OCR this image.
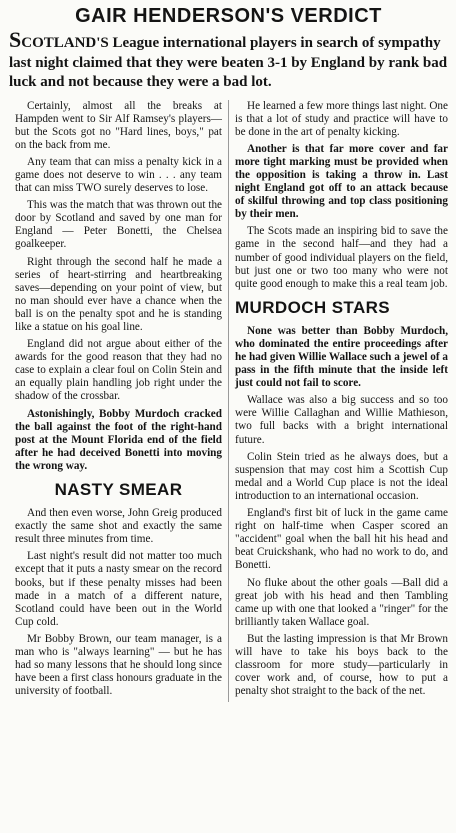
GAIR HENDERSON'S VERDICT
SCOTLAND'S League international players in search of sympathy last night claimed that they were beaten 3-1 by England by rank bad luck and not because they were a bad lot.

Certainly, almost all the breaks at Hampden went to Sir Alf Ramsey's players—but the Scots got no "Hard lines, boys," pat on the back from me.

Any team that can miss a penalty kick in a game does not deserve to win . . . any team that can miss TWO surely deserves to lose.

This was the match that was thrown out the door by Scotland and saved by one man for England — Peter Bonetti, the Chelsea goalkeeper.

Right through the second half he made a series of heart-stirring and heartbreaking saves—depending on your point of view, but no man should ever have a chance when the ball is on the penalty spot and he is standing like a statue on his goal line.

England did not argue about either of the awards for the good reason that they had no case to explain a clear foul on Colin Stein and an equally plain handling job right under the shadow of the crossbar.

Astonishingly, Bobby Murdoch cracked the ball against the foot of the right-hand post at the Mount Florida end of the field after he had deceived Bonetti into moving the wrong way.

NASTY SMEAR

And then even worse, John Greig produced exactly the same shot and exactly the same result three minutes from time.

Last night's result did not matter too much except that it puts a nasty smear on the record books, but if these penalty misses had been made in a match of a different nature, Scotland could have been out in the World Cup cold.

Mr Bobby Brown, our team manager, is a man who is "always learning" — but he has had so many lessons that he should long since have been a first class honours graduate in the university of football.

He learned a few more things last night. One is that a lot of study and practice will have to be done in the art of penalty kicking.

Another is that far more cover and far more tight marking must be provided when the opposition is taking a throw in. Last night England got off to an attack because of skilful throwing and top class positioning by their men.

The Scots made an inspiring bid to save the game in the second half—and they had a number of good individual players on the field, but just one or two too many who were not quite good enough to make this a real team job.

MURDOCH STARS

None was better than Bobby Murdoch, who dominated the entire proceedings after he had given Willie Wallace such a jewel of a pass in the fifth minute that the inside left just could not fail to score.

Wallace was also a big success and so too were Willie Callaghan and Willie Mathieson, two full backs with a bright international future.

Colin Stein tried as he always does, but a suspension that may cost him a Scottish Cup medal and a World Cup place is not the ideal introduction to an international occasion.

England's first bit of luck in the game came right on half-time when Casper scored an "accident" goal when the ball hit his head and beat Cruickshank, who had no work to do, and Bonetti.

No fluke about the other goals —Ball did a great job with his head and then Tambling came up with one that looked a "ringer" for the brilliantly taken Wallace goal.

But the lasting impression is that Mr Brown will have to take his boys back to the classroom for more study—particularly in cover work and, of course, how to put a penalty shot straight to the back of the net.
